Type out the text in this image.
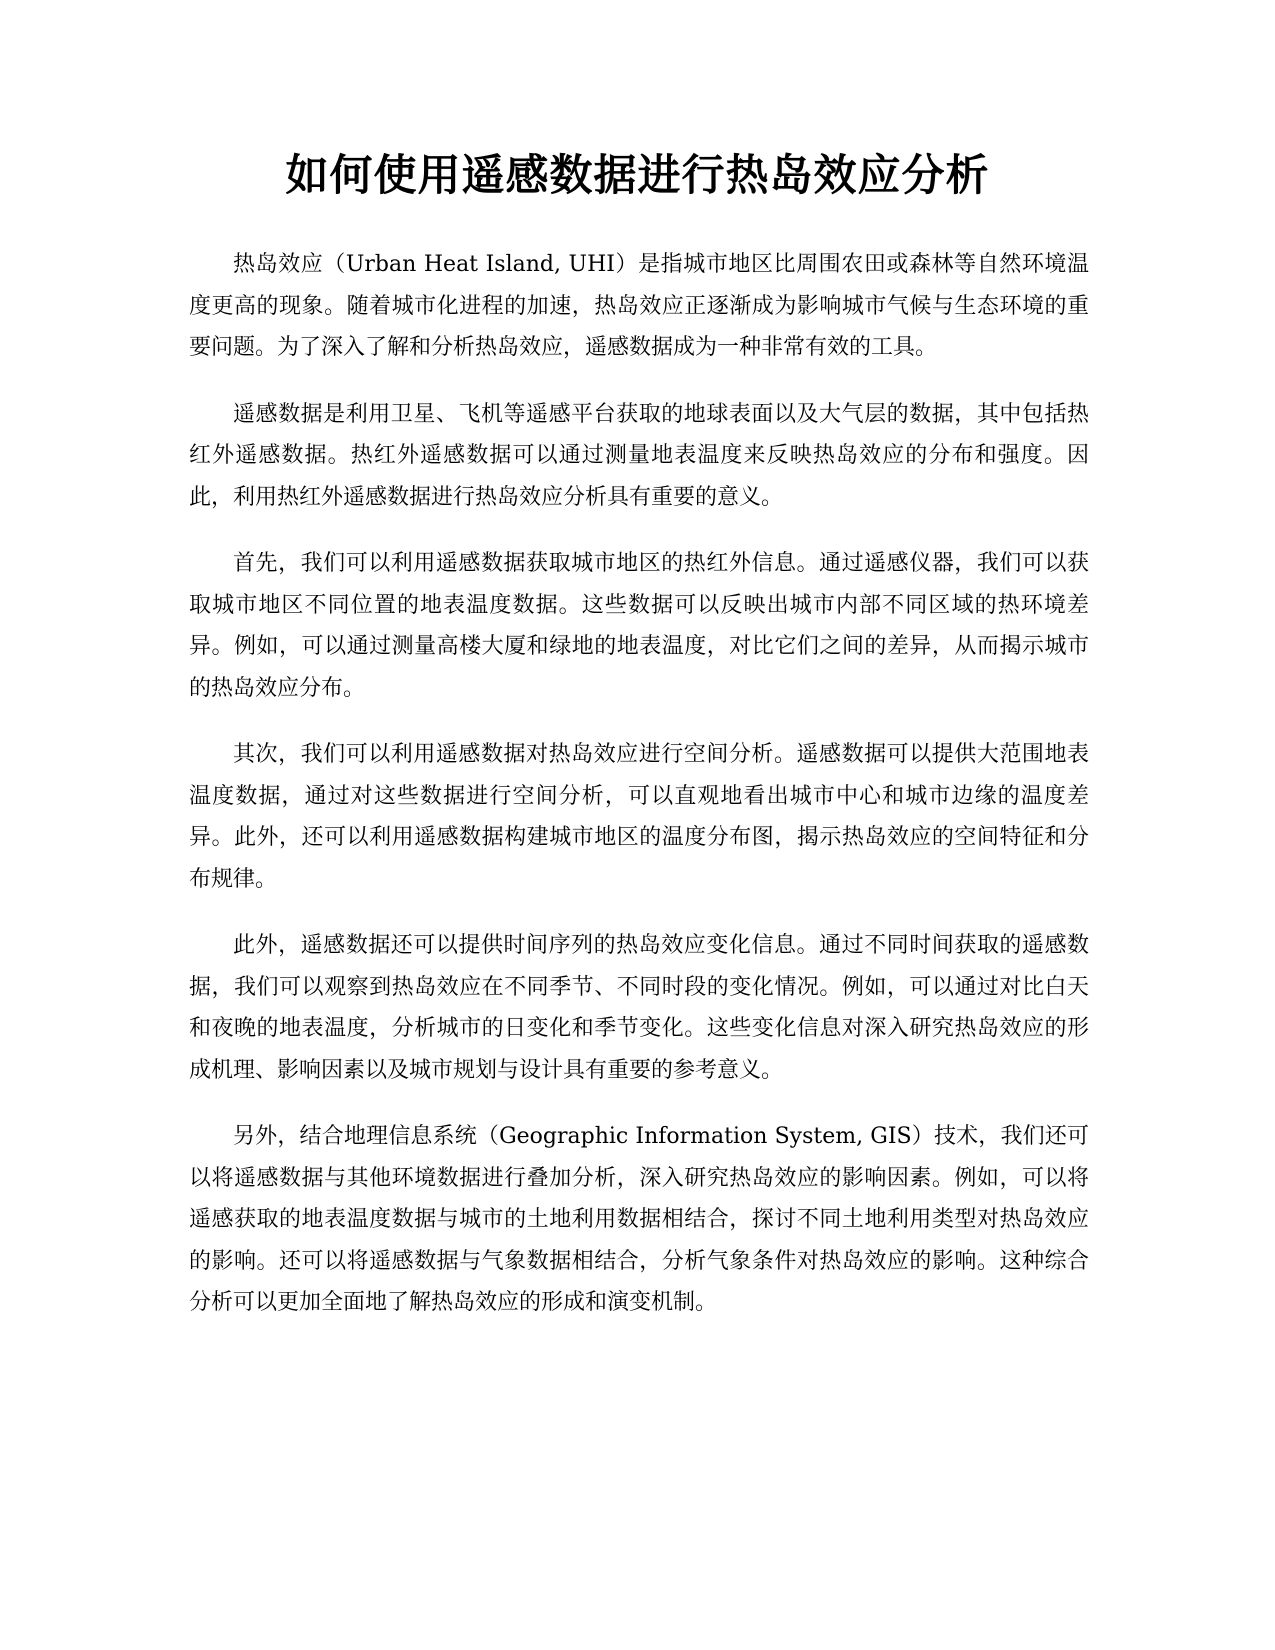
如何使用遥感数据进行热岛效应分析

热岛效应（Urban Heat Island, UHI）是指城市地区比周围农田或森林等自然环境温度更高的现象。随着城市化进程的加速，热岛效应正逐渐成为影响城市气候与生态环境的重要问题。为了深入了解和分析热岛效应，遥感数据成为一种非常有效的工具。

遥感数据是利用卫星、飞机等遥感平台获取的地球表面以及大气层的数据，其中包括热红外遥感数据。热红外遥感数据可以通过测量地表温度来反映热岛效应的分布和强度。因此，利用热红外遥感数据进行热岛效应分析具有重要的意义。

首先，我们可以利用遥感数据获取城市地区的热红外信息。通过遥感仪器，我们可以获取城市地区不同位置的地表温度数据。这些数据可以反映出城市内部不同区域的热环境差异。例如，可以通过测量高楼大厦和绿地的地表温度，对比它们之间的差异，从而揭示城市的热岛效应分布。

其次，我们可以利用遥感数据对热岛效应进行空间分析。遥感数据可以提供大范围地表温度数据，通过对这些数据进行空间分析，可以直观地看出城市中心和城市边缘的温度差异。此外，还可以利用遥感数据构建城市地区的温度分布图，揭示热岛效应的空间特征和分布规律。

此外，遥感数据还可以提供时间序列的热岛效应变化信息。通过不同时间获取的遥感数据，我们可以观察到热岛效应在不同季节、不同时段的变化情况。例如，可以通过对比白天和夜晚的地表温度，分析城市的日变化和季节变化。这些变化信息对深入研究热岛效应的形成机理、影响因素以及城市规划与设计具有重要的参考意义。

另外，结合地理信息系统（Geographic Information System, GIS）技术，我们还可以将遥感数据与其他环境数据进行叠加分析，深入研究热岛效应的影响因素。例如，可以将遥感获取的地表温度数据与城市的土地利用数据相结合，探讨不同土地利用类型对热岛效应的影响。还可以将遥感数据与气象数据相结合，分析气象条件对热岛效应的影响。这种综合分析可以更加全面地了解热岛效应的形成和演变机制。
